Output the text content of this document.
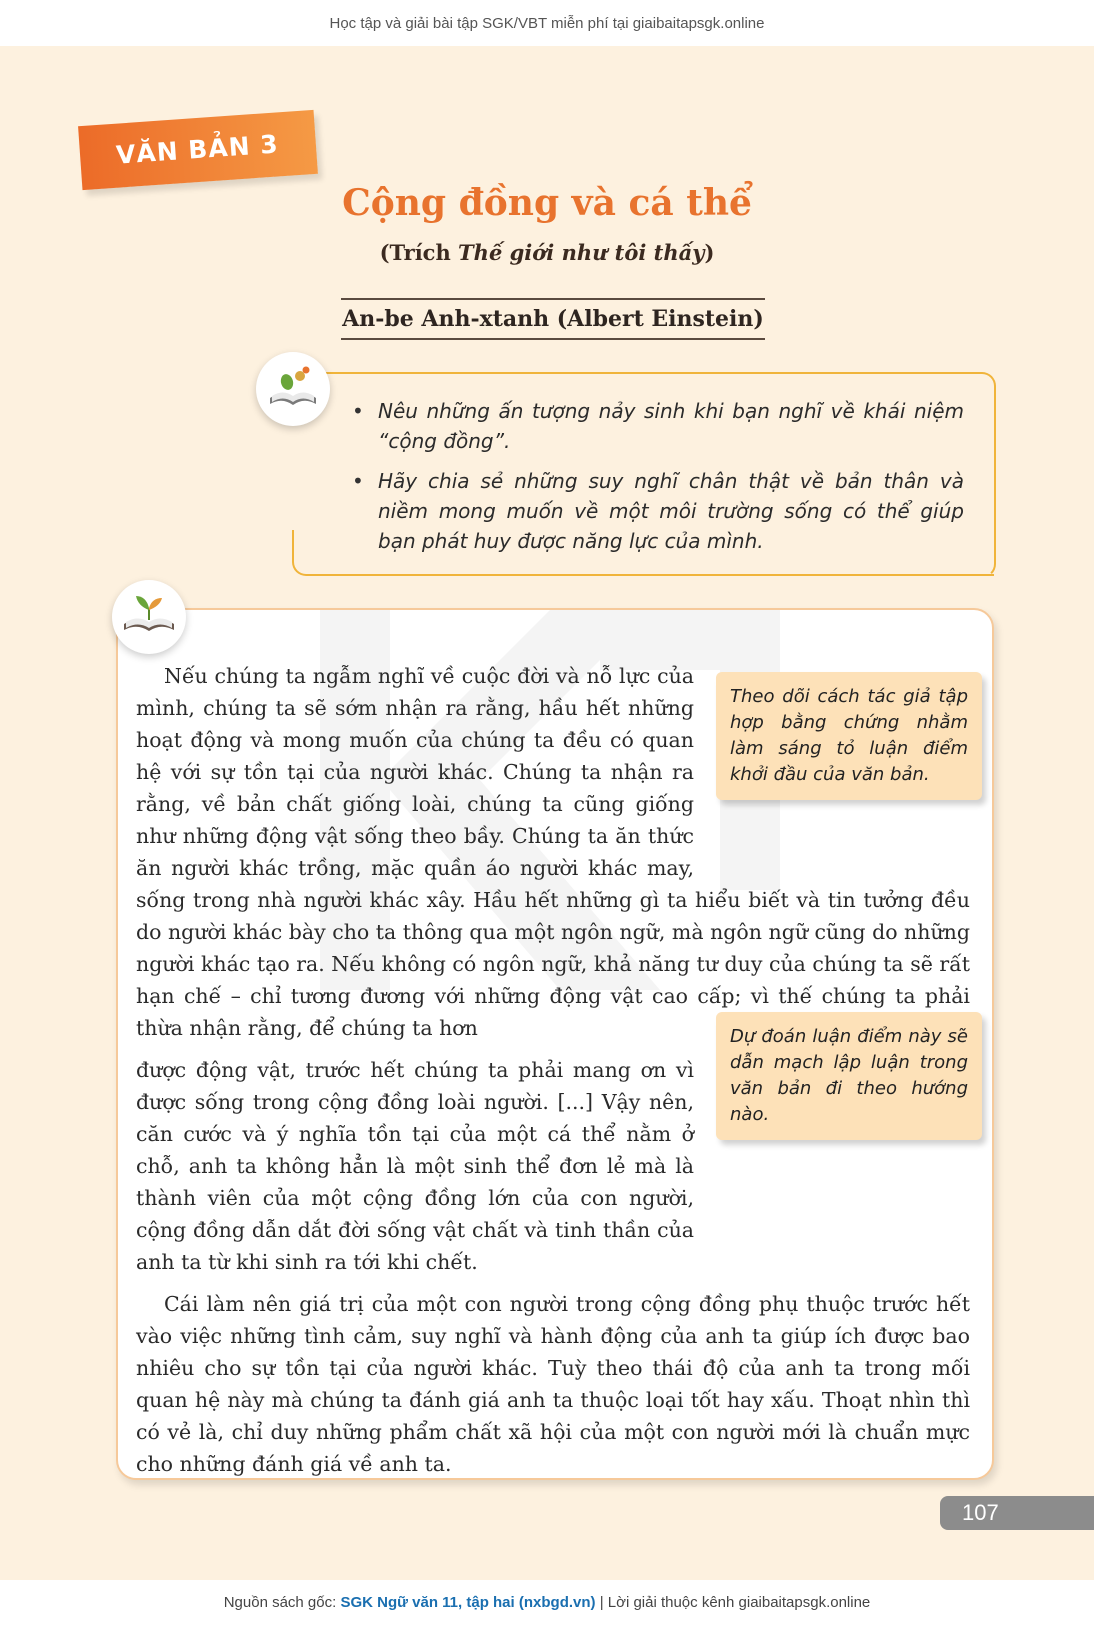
Học tập và giải bài tập SGK/VBT miễn phí tại giaibaitapsgk.online
VĂN BẢN 3
Cộng đồng và cá thể
(Trích Thế giới như tôi thấy)
An-be Anh-xtanh (Albert Einstein)
• Nêu những ấn tượng nảy sinh khi bạn nghĩ về khái niệm “cộng đồng”.
• Hãy chia sẻ những suy nghĩ chân thật về bản thân và niềm mong muốn về một môi trường sống có thể giúp bạn phát huy được năng lực của mình.

Nếu chúng ta ngẫm nghĩ về cuộc đời và nỗ lực của mình, chúng ta sẽ sớm nhận ra rằng, hầu hết những hoạt động và mong muốn của chúng ta đều có quan hệ với sự tồn tại của người khác. Chúng ta nhận ra rằng, về bản chất giống loài, chúng ta cũng giống như những động vật sống theo bầy. Chúng ta ăn thức ăn người khác trồng, mặc quần áo người khác may, sống trong nhà người khác xây. Hầu hết những gì ta hiểu biết và tin tưởng đều do người khác bày cho ta thông qua một ngôn ngữ, mà ngôn ngữ cũng do những người khác tạo ra. Nếu không có ngôn ngữ, khả năng tư duy của chúng ta sẽ rất hạn chế – chỉ tương đương với những động vật cao cấp; vì thế chúng ta phải thừa nhận rằng, để chúng ta hơn

được động vật, trước hết chúng ta phải mang ơn vì được sống trong cộng đồng loài người. [...] Vậy nên, căn cước và ý nghĩa tồn tại của một cá thể nằm ở chỗ, anh ta không hẳn là một sinh thể đơn lẻ mà là thành viên của một cộng đồng lớn của con người, cộng đồng dẫn dắt đời sống vật chất và tinh thần của anh ta từ khi sinh ra tới khi chết.

Cái làm nên giá trị của một con người trong cộng đồng phụ thuộc trước hết vào việc những tình cảm, suy nghĩ và hành động của anh ta giúp ích được bao nhiêu cho sự tồn tại của người khác. Tuỳ theo thái độ của anh ta trong mối quan hệ này mà chúng ta đánh giá anh ta thuộc loại tốt hay xấu. Thoạt nhìn thì có vẻ là, chỉ duy những phẩm chất xã hội của một con người mới là chuẩn mực cho những đánh giá về anh ta.

Theo dõi cách tác giả tập hợp bằng chứng nhằm làm sáng tỏ luận điểm khởi đầu của văn bản.
Dự đoán luận điểm này sẽ dẫn mạch lập luận trong văn bản đi theo hướng nào.
107
Nguồn sách gốc: SGK Ngữ văn 11, tập hai (nxbgd.vn) | Lời giải thuộc kênh giaibaitapsgk.online
